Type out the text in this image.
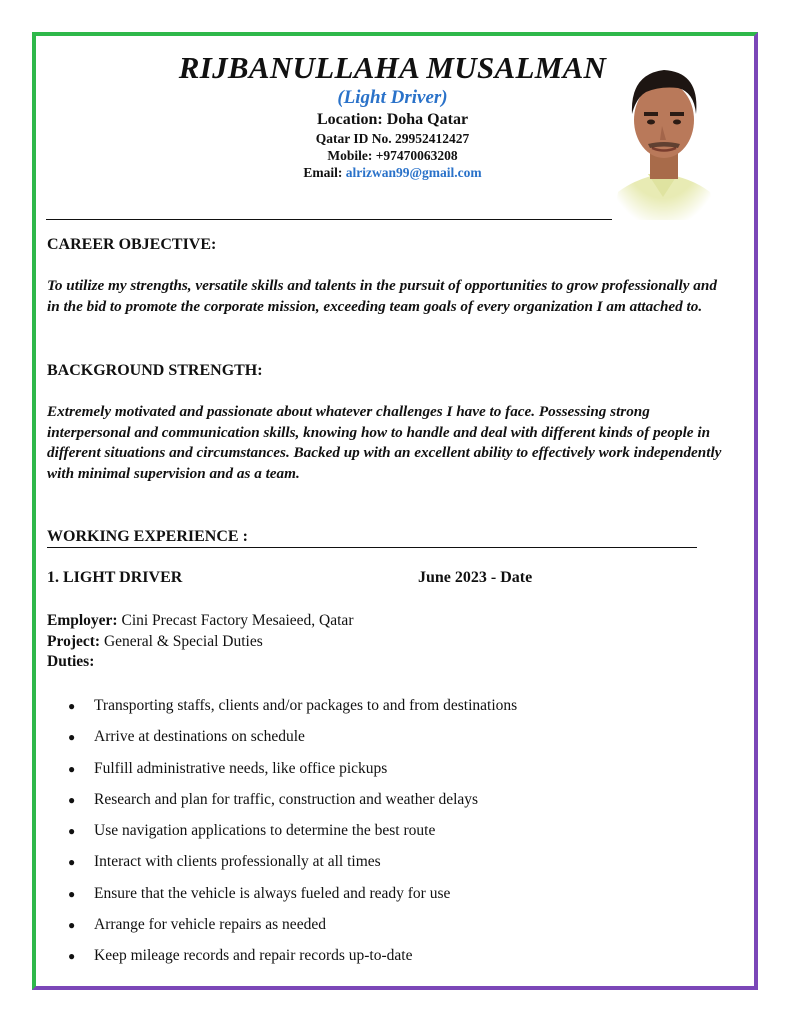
RIJBANULLAHA MUSALMAN
(Light Driver)
Location: Doha Qatar
Qatar ID No. 29952412427
Mobile: +97470063208
Email: alrizwan99@gmail.com
CAREER OBJECTIVE:
To utilize my strengths, versatile skills and talents in the pursuit of opportunities to grow professionally and in the bid to promote the corporate mission, exceeding team goals of every organization I am attached to.
BACKGROUND STRENGTH:
Extremely motivated and passionate about whatever challenges I have to face. Possessing strong interpersonal and communication skills, knowing how to handle and deal with different kinds of people in different situations and circumstances. Backed up with an excellent ability to effectively work independently with minimal supervision and as a team.
WORKING EXPERIENCE :
1. LIGHT DRIVER	June 2023 - Date
Employer: Cini Precast Factory Mesaieed, Qatar
Project: General & Special Duties
Duties:
● Transporting staffs, clients and/or packages to and from destinations
● Arrive at destinations on schedule
● Fulfill administrative needs, like office pickups
● Research and plan for traffic, construction and weather delays
● Use navigation applications to determine the best route
● Interact with clients professionally at all times
● Ensure that the vehicle is always fueled and ready for use
● Arrange for vehicle repairs as needed
● Keep mileage records and repair records up-to-date
